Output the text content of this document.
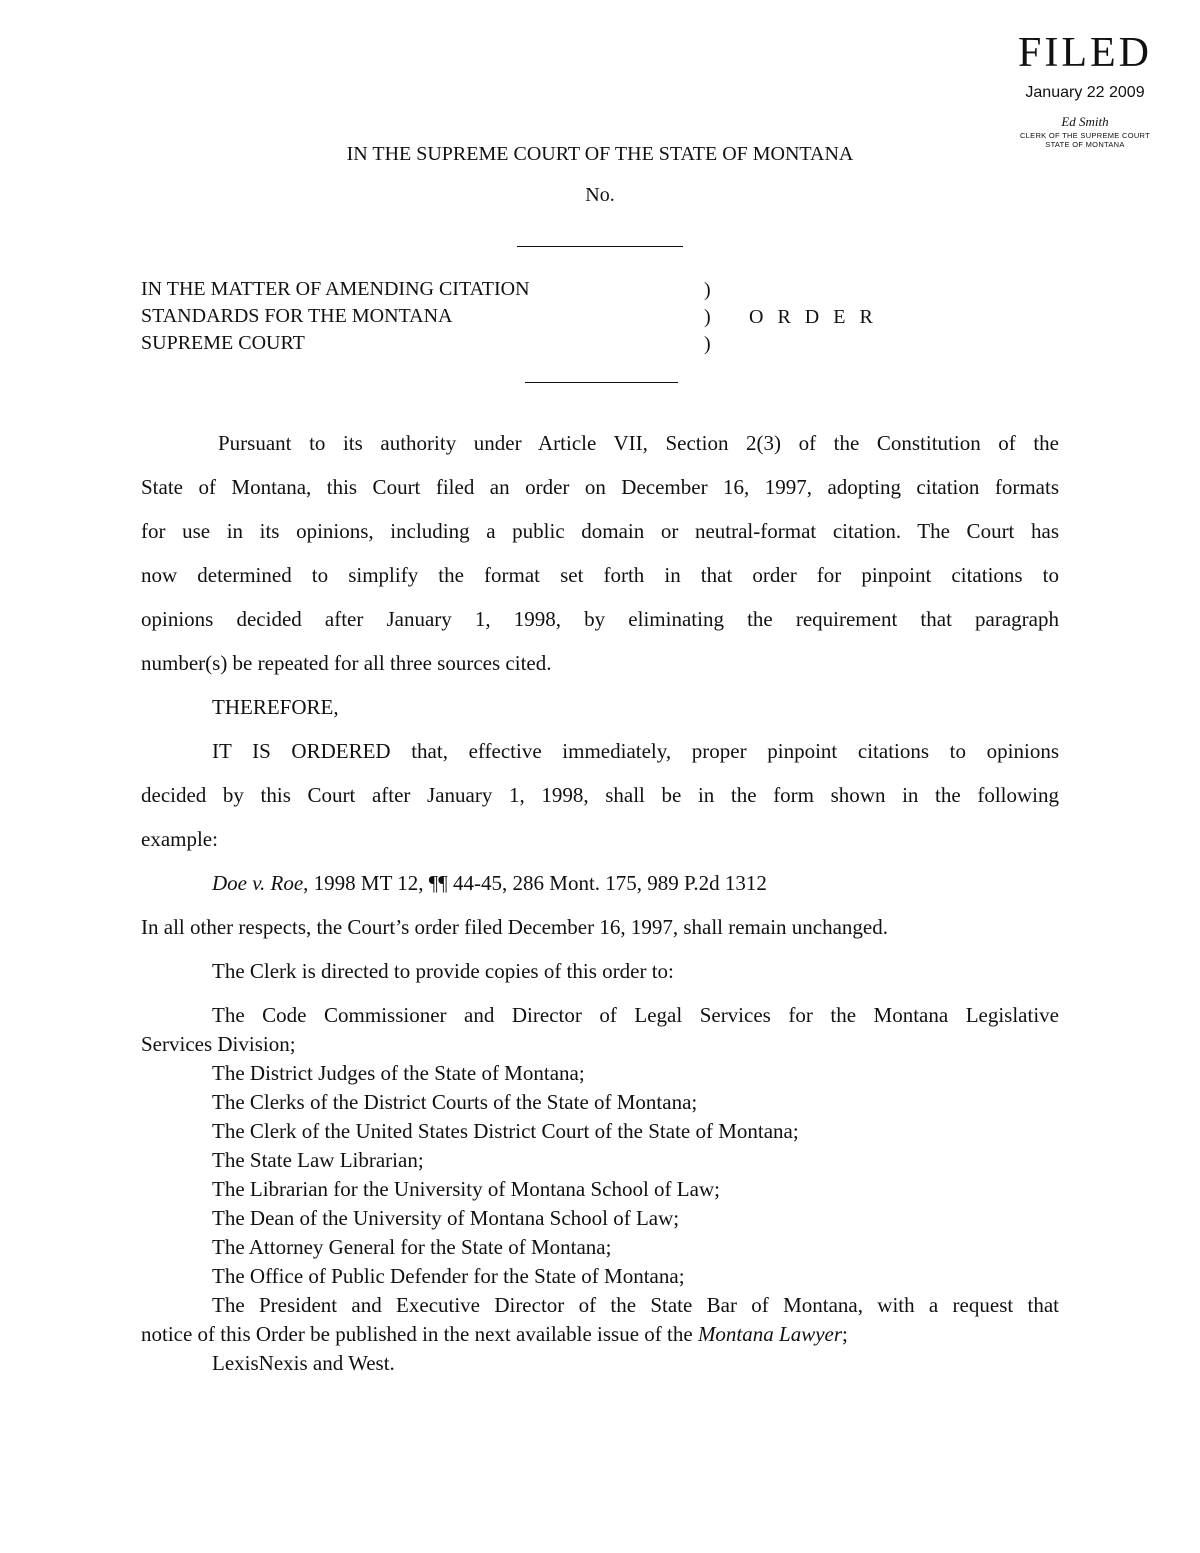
FILED
January 22 2009
Ed Smith
CLERK OF THE SUPREME COURT
STATE OF MONTANA
IN THE SUPREME COURT OF THE STATE OF MONTANA
No.
IN THE MATTER OF AMENDING CITATION
STANDARDS FOR THE MONTANA
SUPREME COURT
)
)
)
O R D E R
Pursuant to its authority under Article VII, Section 2(3) of the Constitution of the
State of Montana, this Court filed an order on December 16, 1997, adopting citation formats
for use in its opinions, including a public domain or neutral-format citation. The Court has
now determined to simplify the format set forth in that order for pinpoint citations to
opinions decided after January 1, 1998, by eliminating the requirement that paragraph
number(s) be repeated for all three sources cited.
THEREFORE,
IT IS ORDERED that, effective immediately, proper pinpoint citations to opinions
decided by this Court after January 1, 1998, shall be in the form shown in the following
example:
Doe v. Roe, 1998 MT 12, ¶¶ 44-45, 286 Mont. 175, 989 P.2d 1312
In all other respects, the Court’s order filed December 16, 1997, shall remain unchanged.
The Clerk is directed to provide copies of this order to:
The Code Commissioner and Director of Legal Services for the Montana Legislative
Services Division;
The District Judges of the State of Montana;
The Clerks of the District Courts of the State of Montana;
The Clerk of the United States District Court of the State of Montana;
The State Law Librarian;
The Librarian for the University of Montana School of Law;
The Dean of the University of Montana School of Law;
The Attorney General for the State of Montana;
The Office of Public Defender for the State of Montana;
The President and Executive Director of the State Bar of Montana, with a request that
notice of this Order be published in the next available issue of the Montana Lawyer;
LexisNexis and West.
